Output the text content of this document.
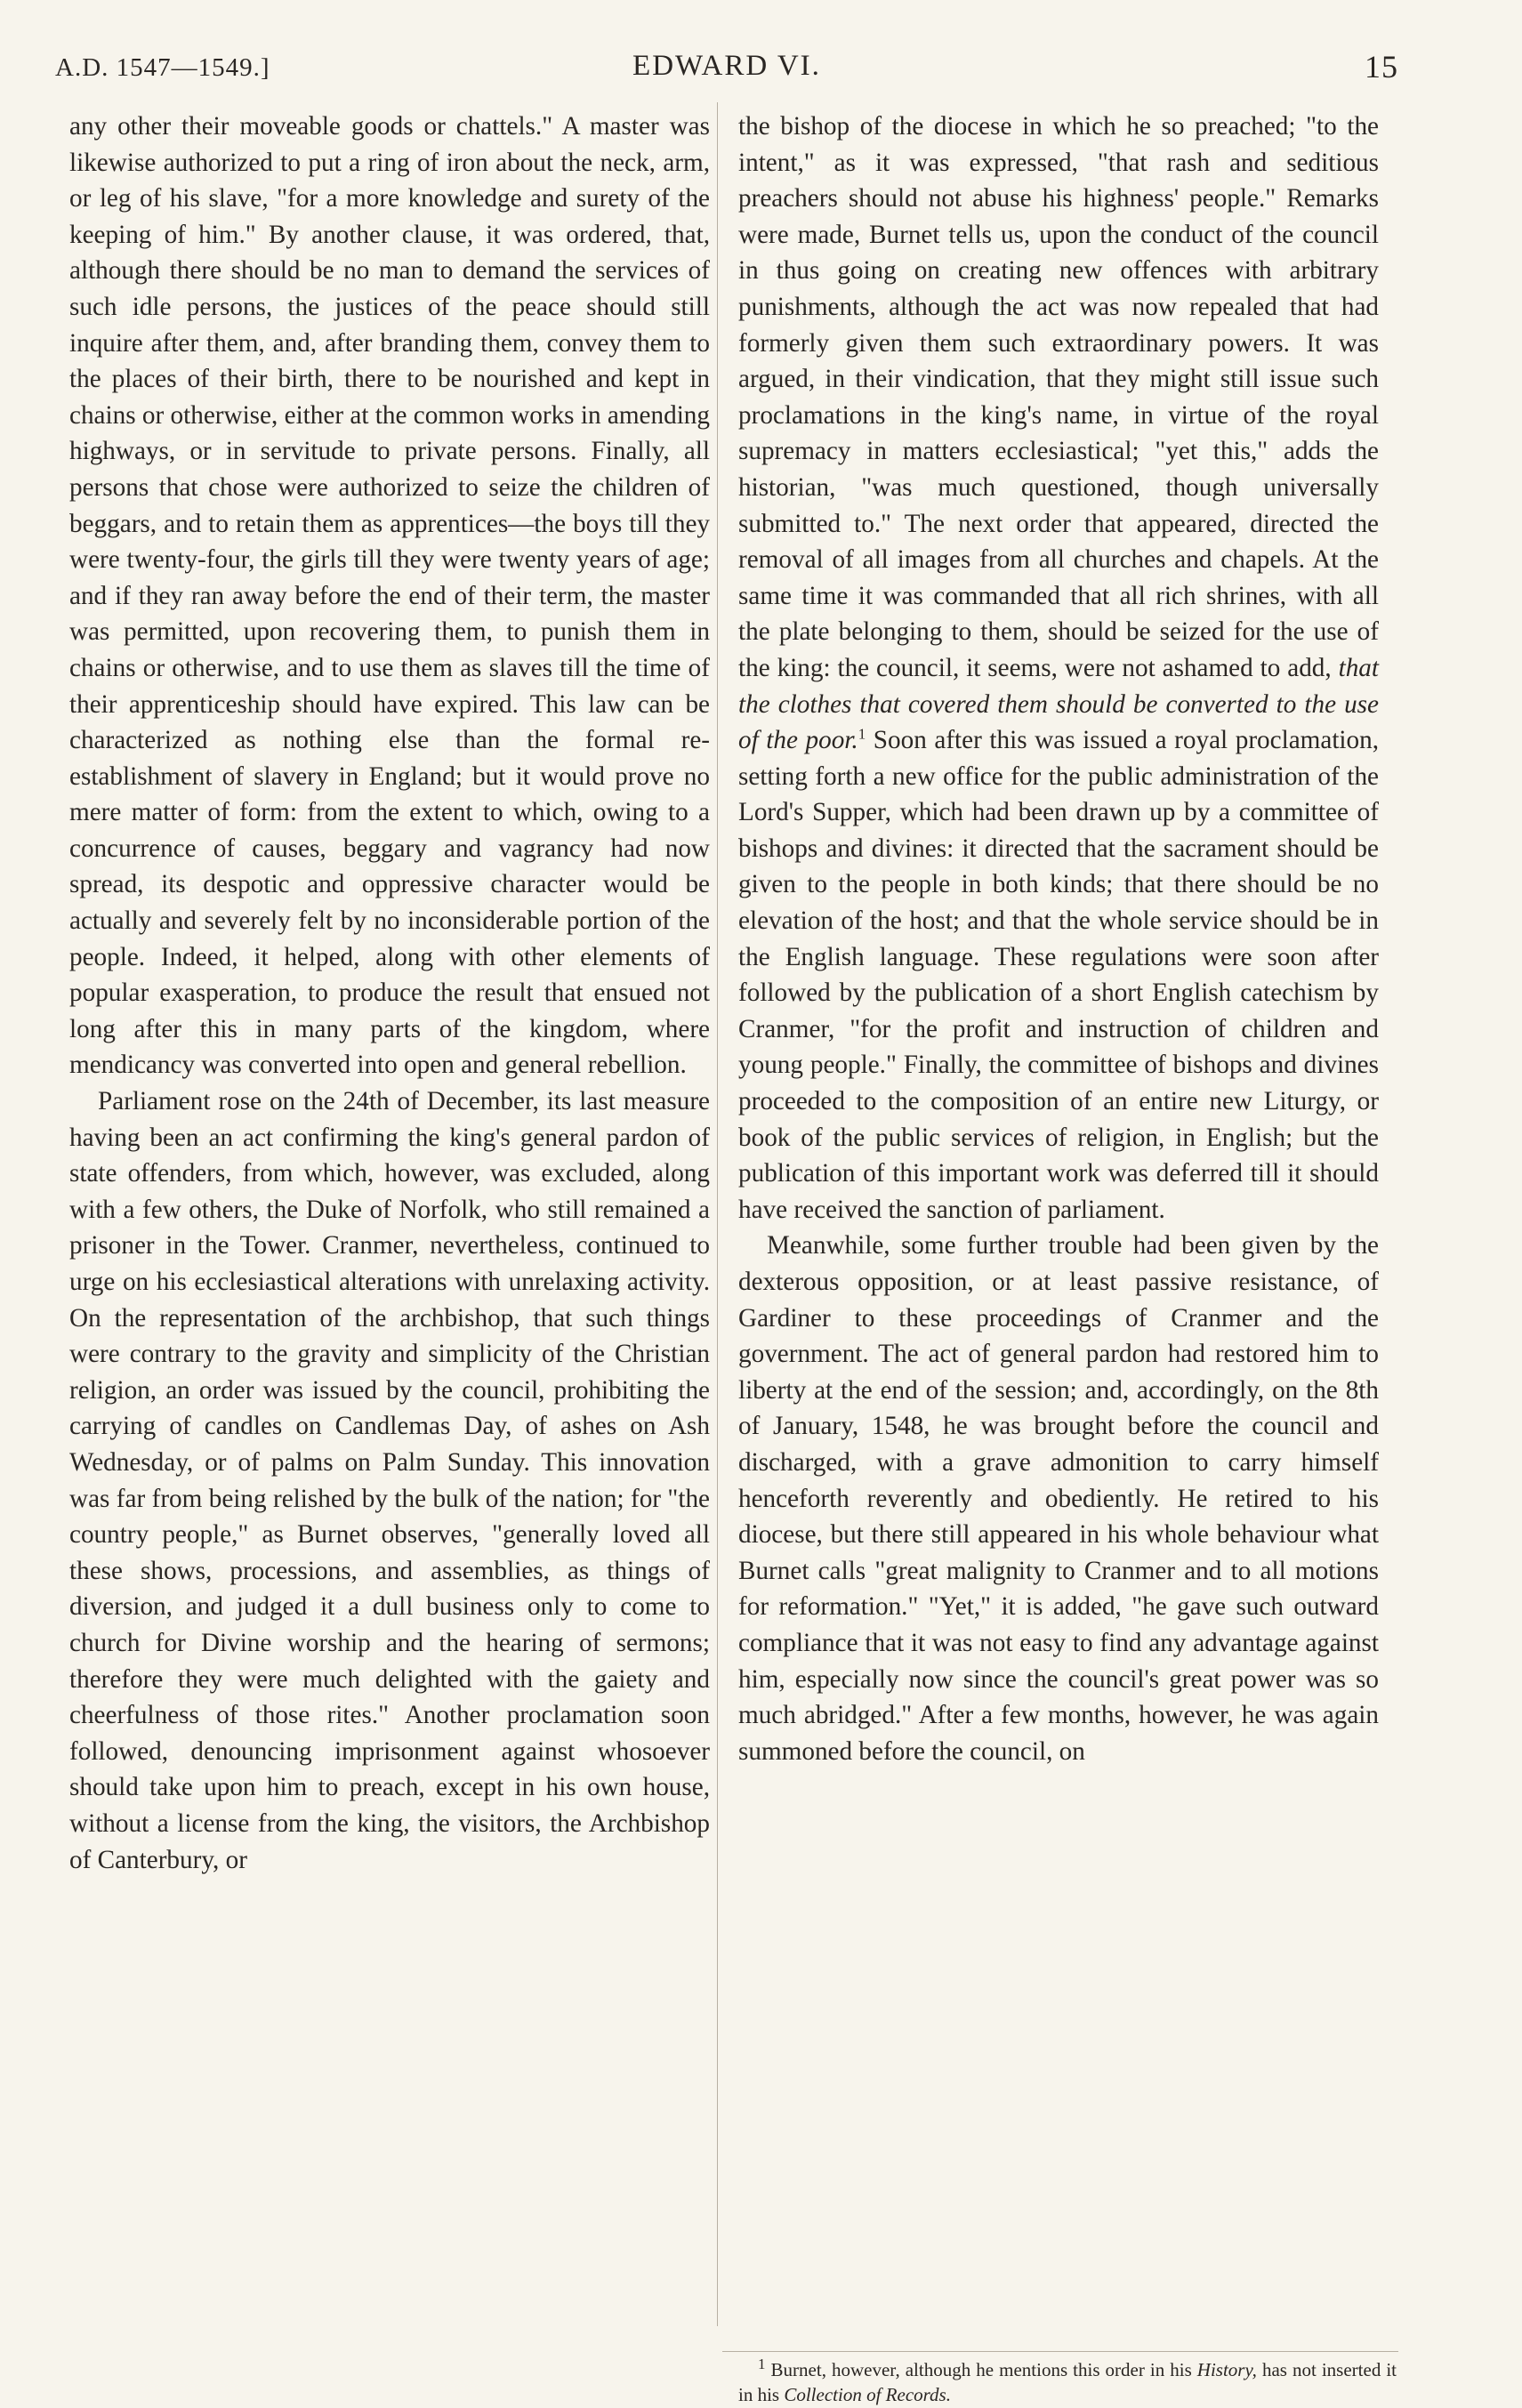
A.D. 1547—1549.]	EDWARD VI.	15

any other their moveable goods or chattels." A master was likewise authorized to put a ring of iron about the neck, arm, or leg of his slave, "for a more knowledge and surety of the keeping of him." By another clause, it was ordered, that, although there should be no man to demand the services of such idle persons, the justices of the peace should still inquire after them, and, after branding them, convey them to the places of their birth, there to be nourished and kept in chains or otherwise, either at the common works in amending highways, or in servitude to private persons. Finally, all persons that chose were authorized to seize the children of beggars, and to retain them as apprentices—the boys till they were twenty-four, the girls till they were twenty years of age; and if they ran away before the end of their term, the master was permitted, upon recovering them, to punish them in chains or otherwise, and to use them as slaves till the time of their apprenticeship should have expired. This law can be characterized as nothing else than the formal re-establishment of slavery in England; but it would prove no mere matter of form: from the extent to which, owing to a concurrence of causes, beggary and vagrancy had now spread, its despotic and oppressive character would be actually and severely felt by no inconsiderable portion of the people. Indeed, it helped, along with other elements of popular exasperation, to produce the result that ensued not long after this in many parts of the kingdom, where mendicancy was converted into open and general rebellion.

Parliament rose on the 24th of December, its last measure having been an act confirming the king's general pardon of state offenders, from which, however, was excluded, along with a few others, the Duke of Norfolk, who still remained a prisoner in the Tower. Cranmer, nevertheless, continued to urge on his ecclesiastical alterations with unrelaxing activity. On the representation of the archbishop, that such things were contrary to the gravity and simplicity of the Christian religion, an order was issued by the council, prohibiting the carrying of candles on Candlemas Day, of ashes on Ash Wednesday, or of palms on Palm Sunday. This innovation was far from being relished by the bulk of the nation; for "the country people," as Burnet observes, "generally loved all these shows, processions, and assemblies, as things of diversion, and judged it a dull business only to come to church for Divine worship and the hearing of sermons; therefore they were much delighted with the gaiety and cheerfulness of those rites." Another proclamation soon followed, denouncing imprisonment against whosoever should take upon him to preach, except in his own house, without a license from the king, the visitors, the Archbishop of Canterbury, or

the bishop of the diocese in which he so preached; "to the intent," as it was expressed, "that rash and seditious preachers should not abuse his highness' people." Remarks were made, Burnet tells us, upon the conduct of the council in thus going on creating new offences with arbitrary punishments, although the act was now repealed that had formerly given them such extraordinary powers. It was argued, in their vindication, that they might still issue such proclamations in the king's name, in virtue of the royal supremacy in matters ecclesiastical; "yet this," adds the historian, "was much questioned, though universally submitted to." The next order that appeared, directed the removal of all images from all churches and chapels. At the same time it was commanded that all rich shrines, with all the plate belonging to them, should be seized for the use of the king: the council, it seems, were not ashamed to add, that the clothes that covered them should be converted to the use of the poor.$^1$ Soon after this was issued a royal proclamation, setting forth a new office for the public administration of the Lord's Supper, which had been drawn up by a committee of bishops and divines: it directed that the sacrament should be given to the people in both kinds; that there should be no elevation of the host; and that the whole service should be in the English language. These regulations were soon after followed by the publication of a short English catechism by Cranmer, "for the profit and instruction of children and young people." Finally, the committee of bishops and divines proceeded to the composition of an entire new Liturgy, or book of the public services of religion, in English; but the publication of this important work was deferred till it should have received the sanction of parliament.

Meanwhile, some further trouble had been given by the dexterous opposition, or at least passive resistance, of Gardiner to these proceedings of Cranmer and the government. The act of general pardon had restored him to liberty at the end of the session; and, accordingly, on the 8th of January, 1548, he was brought before the council and discharged, with a grave admonition to carry himself henceforth reverently and obediently. He retired to his diocese, but there still appeared in his whole behaviour what Burnet calls "great malignity to Cranmer and to all motions for reformation." "Yet," it is added, "he gave such outward compliance that it was not easy to find any advantage against him, especially now since the council's great power was so much abridged." After a few months, however, he was again summoned before the council, on

$^1$ Burnet, however, although he mentions this order in his History, has not inserted it in his Collection of Records.
